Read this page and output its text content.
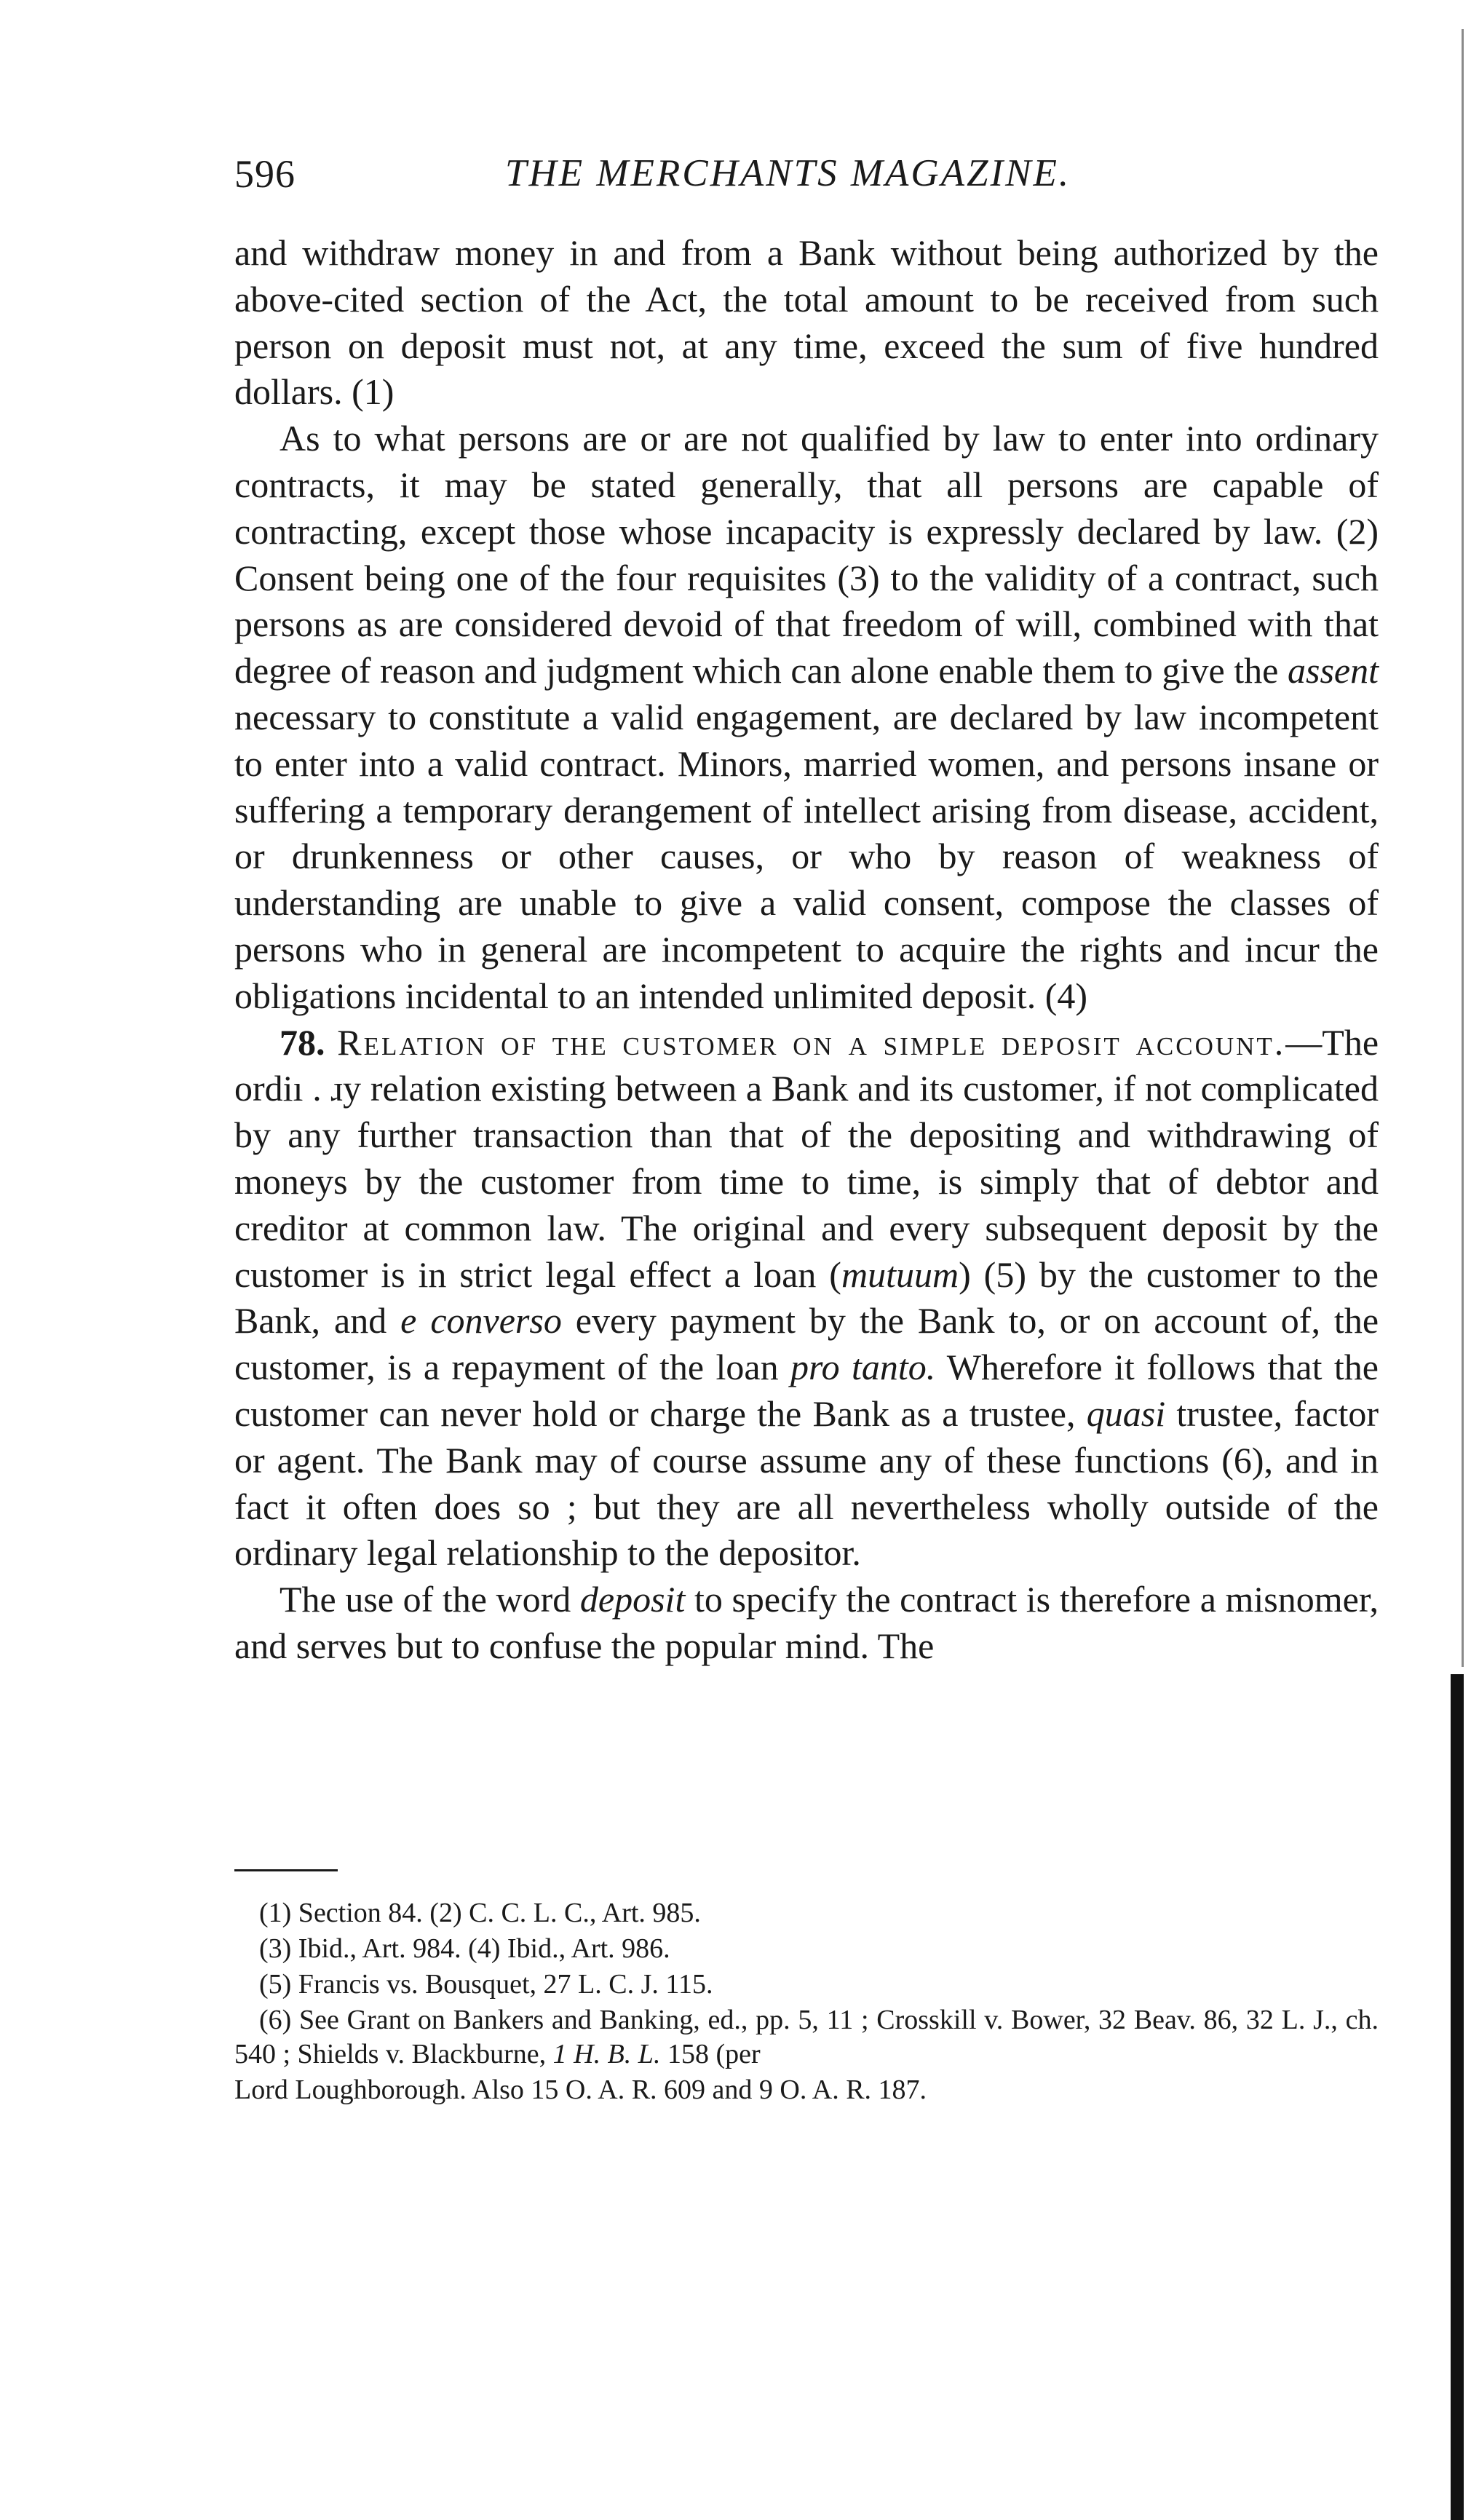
596	THE MERCHANTS MAGAZINE.

and withdraw money in and from a Bank without being authorized by the above-cited section of the Act, the total amount to be received from such person on deposit must not, at any time, exceed the sum of five hundred dollars. (1)

As to what persons are or are not qualified by law to enter into ordinary contracts, it may be stated generally, that all persons are capable of contracting, except those whose incapacity is expressly declared by law. (2) Consent being one of the four requisites (3) to the validity of a contract, such persons as are considered devoid of that freedom of will, combined with that degree of reason and judgment which can alone enable them to give the assent necessary to constitute a valid engagement, are declared by law incompetent to enter into a valid contract. Minors, married women, and persons insane or suffering a temporary derangement of intellect arising from disease, accident, or drunkenness or other causes, or who by reason of weakness of understanding are unable to give a valid consent, compose the classes of persons who in general are incompetent to acquire the rights and incur the obligations incidental to an intended unlimited deposit. (4)

78. Relation of the customer on a simple deposit account.—The ordiı . ɹy relation existing between a Bank and its customer, if not complicated by any further transaction than that of the depositing and withdrawing of moneys by the customer from time to time, is simply that of debtor and creditor at common law. The original and every subsequent deposit by the customer is in strict legal effect a loan (mutuum) (5) by the customer to the Bank, and e converso every payment by the Bank to, or on account of, the customer, is a repayment of the loan pro tanto. Wherefore it follows that the customer can never hold or charge the Bank as a trustee, quasi trustee, factor or agent. The Bank may of course assume any of these functions (6), and in fact it often does so ; but they are all nevertheless wholly outside of the ordinary legal relationship to the depositor.

The use of the word deposit to specify the contract is therefore a misnomer, and serves but to confuse the popular mind. The

(1) Section 84. (2) C. C. L. C., Art. 985.

(3) Ibid., Art. 984. (4) Ibid., Art. 986.

(5) Francis vs. Bousquet, 27 L. C. J. 115.

(6) See Grant on Bankers and Banking, ed., pp. 5, 11 ; Crosskill v. Bower, 32 Beav. 86, 32 L. J., ch. 540 ; Shields v. Blackburne, 1 H. B. L. 158 (per

Lord Loughborough. Also 15 O. A. R. 609 and 9 O. A. R. 187.
